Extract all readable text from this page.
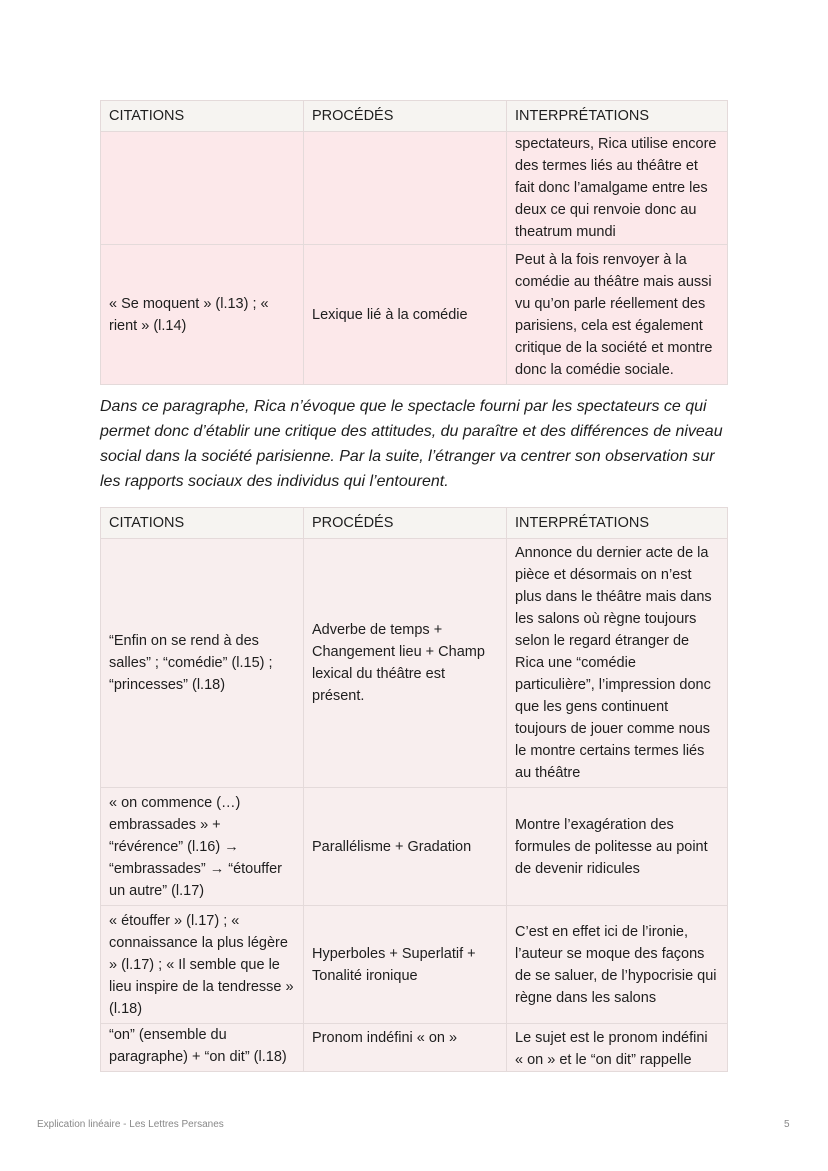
CITATIONS	PROCÉDÉS	INTERPRÉTATIONS
		spectateurs, Rica utilise encore des termes liés au théâtre et fait donc l’amalgame entre les deux ce qui renvoie donc au theatrum mundi
« Se moquent » (l.13) ; « rient » (l.14)	Lexique lié à la comédie	Peut à la fois renvoyer à la comédie au théâtre mais aussi vu qu’on parle réellement des parisiens, cela est également critique de la société et montre donc la comédie sociale.

Dans ce paragraphe, Rica n’évoque que le spectacle fourni par les spectateurs ce qui permet donc d’établir une critique des attitudes, du paraître et des différences de niveau social dans la société parisienne. Par la suite, l’étranger va centrer son observation sur les rapports sociaux des individus qui l’entourent.

CITATIONS	PROCÉDÉS	INTERPRÉTATIONS
“Enfin on se rend à des salles” ; “comédie” (l.15) ; “princesses” (l.18)	Adverbe de temps + Changement lieu + Champ lexical du théâtre est présent.	Annonce du dernier acte de la pièce et désormais on n’est plus dans le théâtre mais dans les salons où règne toujours selon le regard étranger de Rica une “comédie particulière”, l’impression donc que les gens continuent toujours de jouer comme nous le montre certains termes liés au théâtre
« on commence (…) embrassades » + “révérence” (l.16) → “embrassades” → “étouffer un autre” (l.17)	Parallélisme + Gradation	Montre l’exagération des formules de politesse au point de devenir ridicules
« étouffer » (l.17) ; « connaissance la plus légère » (l.17) ; « Il semble que le lieu inspire de la tendresse » (l.18)	Hyperboles + Superlatif + Tonalité ironique	C’est en effet ici de l’ironie, l’auteur se moque des façons de se saluer, de l’hypocrisie qui règne dans les salons
“on” (ensemble du paragraphe) + “on dit” (l.18)	Pronom indéfini « on »	Le sujet est le pronom indéfini « on » et le “on dit” rappelle
Explication linéaire - Les Lettres Persanes	5
